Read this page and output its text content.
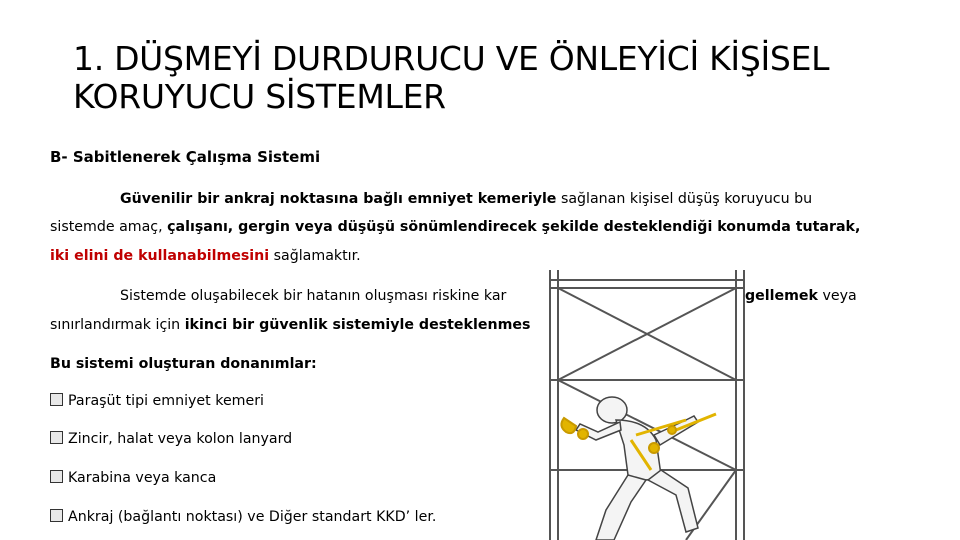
1. DÜŞMEYİ DURDURUCU VE ÖNLEYİCİ KİŞİSEL
KORUYUCU SİSTEMLER

B- Sabitlenerek Çalışma Sistemi

Güvenilir bir ankraj noktasına bağlı emniyet kemeriyle sağlanan kişisel düşüş koruyucu bu

sistemde amaç, çalışanı, gergin veya düşüşü sönümlendirecek şekilde desteklendiği konumda tutarak,

iki elini de kullanabilmesini sağlamaktır.

Sistemde oluşabilecek bir hatanın oluşması riskine kar	gellemek veya

sınırlandırmak için ikinci bir güvenlik sistemiyle desteklenmes

Bu sistemi oluşturan donanımlar:
Paraşüt tipi emniyet kemeri
Zincir, halat veya kolon lanyard
Karabina veya kanca
Ankraj (bağlantı noktası) ve Diğer standart KKD’ ler.
